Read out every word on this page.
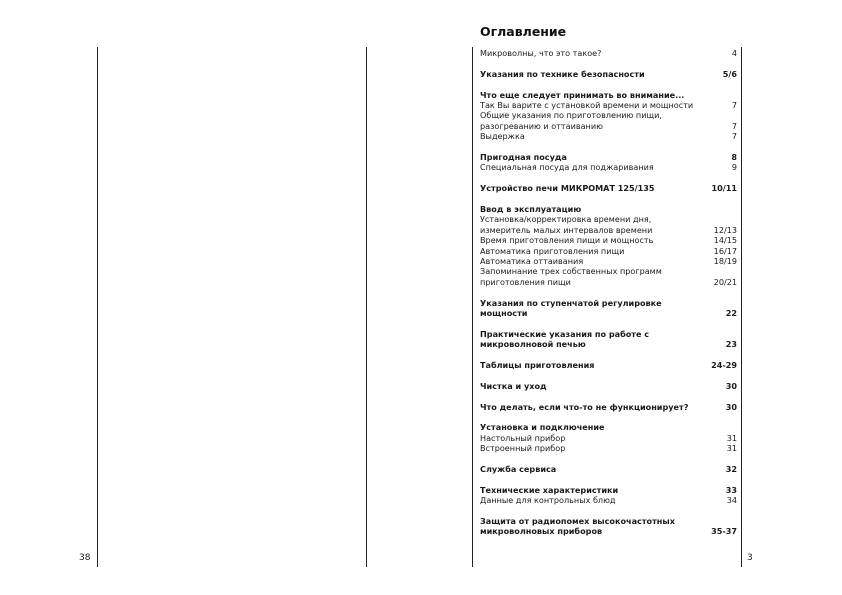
38	3
Оглавление
Микроволны, что это такое?	4
Указания по технике безопасности	5/6
Что еще следует принимать во внимание...
Так Вы варите с установкой времени и мощности	7
Общие указания по приготовлению пищи,
разогреванию и оттаиванию	7
Выдержка	7
Пригодная посуда	8
Специальная посуда для поджаривания	9
Устройство печи МИКРОМАТ 125/135	10/11
Ввод в эксплуатацию
Установка/корректировка времени дня,
измеритель малых интервалов времени	12/13
Время приготовления пищи и мощность	14/15
Автоматика приготовления пищи	16/17
Автоматика оттаивания	18/19
Запоминание трех собственных программ
приготовления пищи	20/21
Указания по ступенчатой регулировке
мощности	22
Практические указания по работе с
микроволновой печью	23
Таблицы приготовления	24-29
Чистка и уход	30
Что делать, если что-то не функционирует?	30
Установка и подключение
Настольный прибор	31
Встроенный прибор	31
Служба сервиса	32
Технические характеристики	33
Данные для контрольных блюд	34
Защита от радиопомех высокочастотных
микроволновых приборов	35-37
